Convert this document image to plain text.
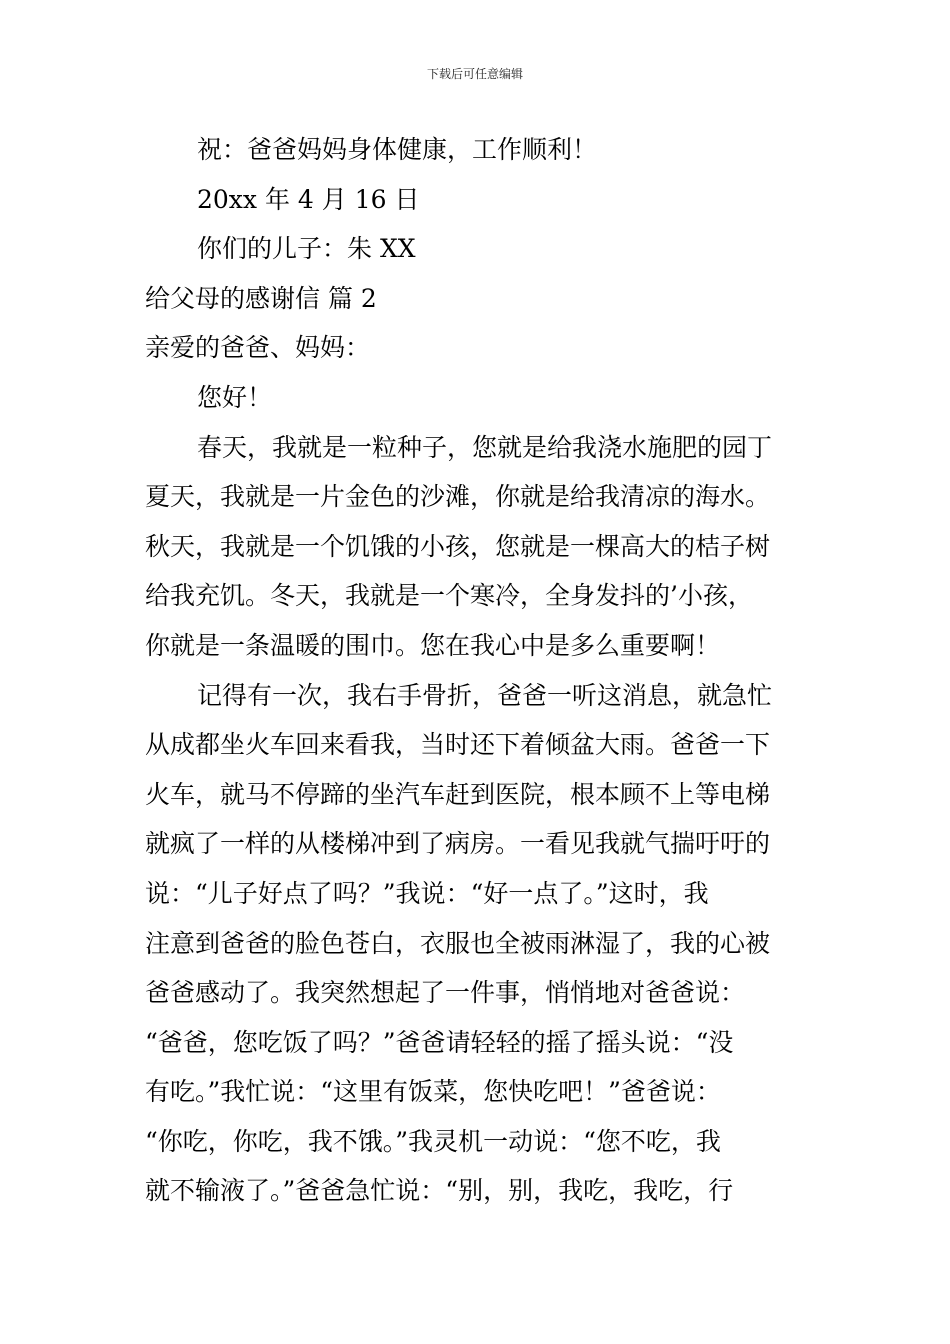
下载后可任意编辑
祝：爸爸妈妈身体健康，工作顺利！
20xx 年 4 月 16 日
你们的儿子：朱 XX
给父母的感谢信 篇 2
亲爱的爸爸、妈妈：
您好！
春天，我就是一粒种子，您就是给我浇水施肥的园丁
夏天，我就是一片金色的沙滩，你就是给我清凉的海水。
秋天，我就是一个饥饿的小孩，您就是一棵高大的桔子树
给我充饥。冬天，我就是一个寒冷，全身发抖的’小孩，
你就是一条温暖的围巾。您在我心中是多么重要啊！
记得有一次，我右手骨折，爸爸一听这消息，就急忙
从成都坐火车回来看我，当时还下着倾盆大雨。爸爸一下
火车，就马不停蹄的坐汽车赶到医院，根本顾不上等电梯
就疯了一样的从楼梯冲到了病房。一看见我就气揣吁吁的
说：“儿子好点了吗？”我说：“好一点了。”这时，我
注意到爸爸的脸色苍白，衣服也全被雨淋湿了，我的心被
爸爸感动了。我突然想起了一件事，悄悄地对爸爸说：
“爸爸，您吃饭了吗？”爸爸请轻轻的摇了摇头说：“没
有吃。”我忙说：“这里有饭菜，您快吃吧！”爸爸说：
“你吃，你吃，我不饿。”我灵机一动说：“您不吃，我
就不输液了。”爸爸急忙说：“别，别，我吃，我吃，行
